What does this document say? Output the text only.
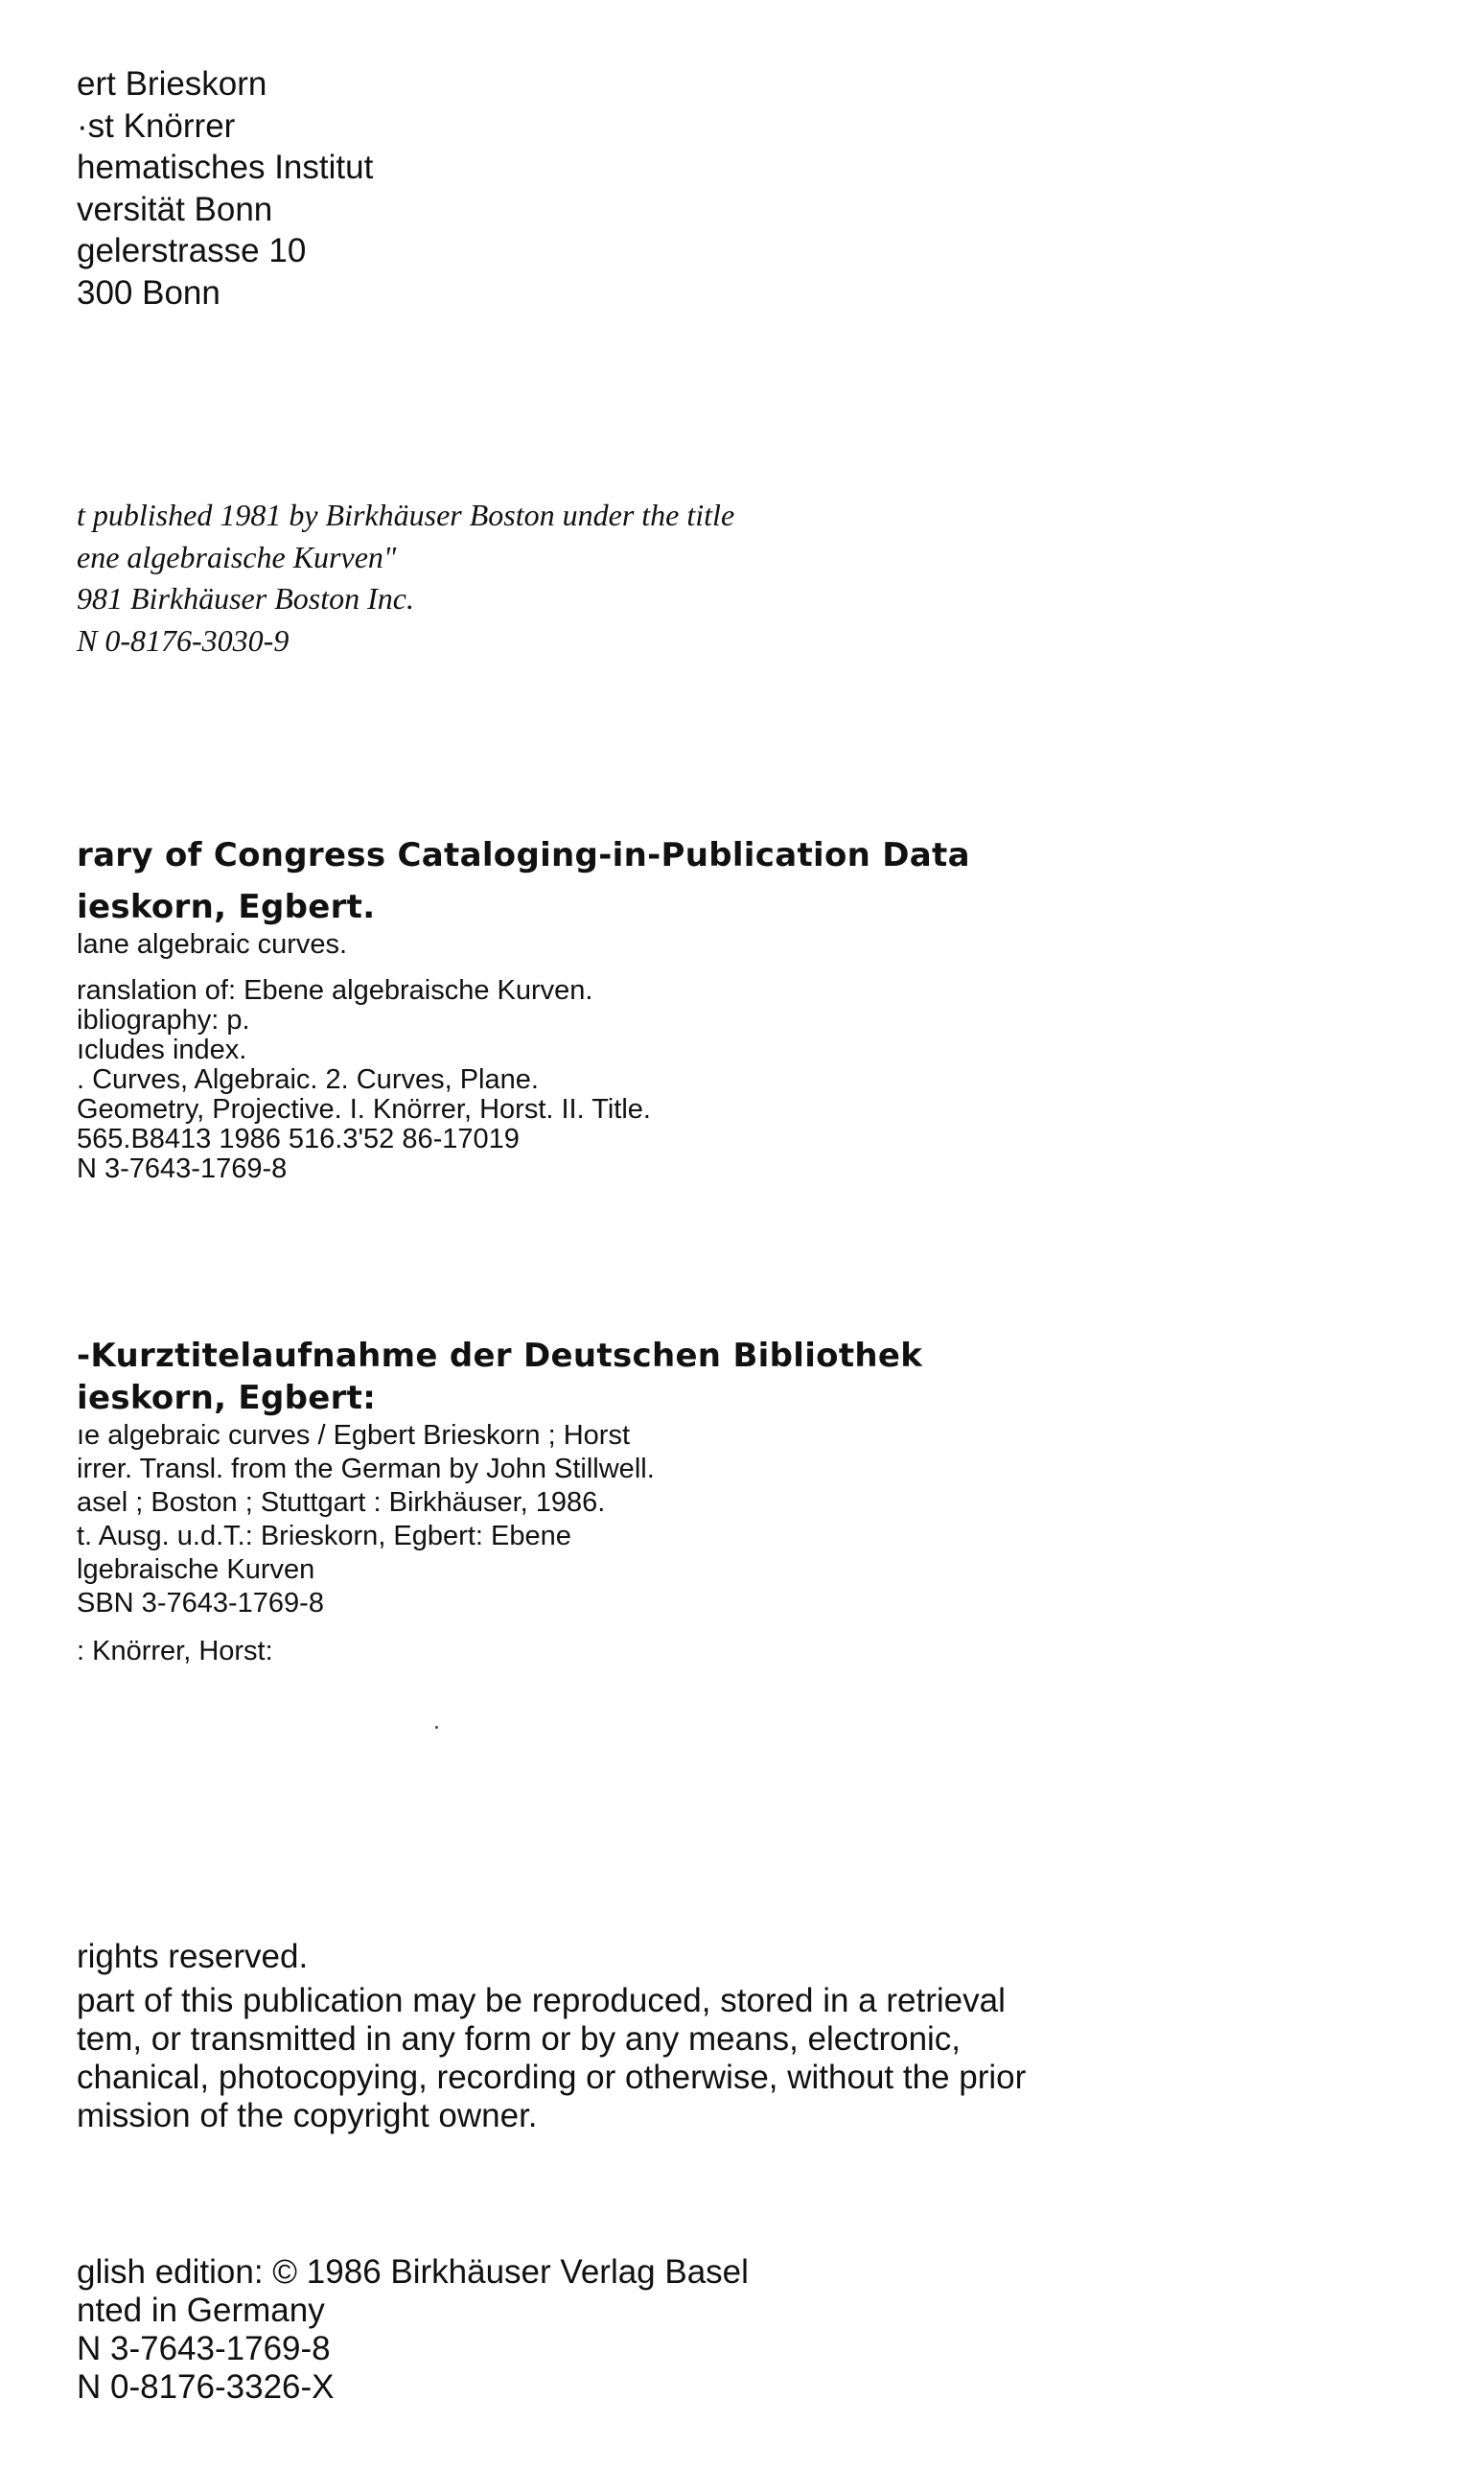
ert Brieskorn
·st Knörrer
hematisches Institut
versität Bonn
gelerstrasse 10
300 Bonn
t published 1981 by Birkhäuser Boston under the title
ene algebraische Kurven"
981 Birkhäuser Boston Inc.
N 0-8176-3030-9
rary of Congress Cataloging-in-Publication Data
ieskorn, Egbert.
lane algebraic curves.
ranslation of: Ebene algebraische Kurven.
ibliography: p.
ıcludes index.
. Curves, Algebraic. 2. Curves, Plane.
Geometry, Projective. I. Knörrer, Horst. II. Title.
565.B8413 1986 516.3'52 86-17019
N 3-7643-1769-8
-Kurztitelaufnahme der Deutschen Bibliothek
ieskorn, Egbert:
ıe algebraic curves / Egbert Brieskorn ; Horst
irrer. Transl. from the German by John Stillwell.
asel ; Boston ; Stuttgart : Birkhäuser, 1986.
t. Ausg. u.d.T.: Brieskorn, Egbert: Ebene
lgebraische Kurven
SBN 3-7643-1769-8
: Knörrer, Horst:
rights reserved.
part of this publication may be reproduced, stored in a retrieval
tem, or transmitted in any form or by any means, electronic,
chanical, photocopying, recording or otherwise, without the prior
mission of the copyright owner.
glish edition: © 1986 Birkhäuser Verlag Basel
nted in Germany
N 3-7643-1769-8
N 0-8176-3326-X
